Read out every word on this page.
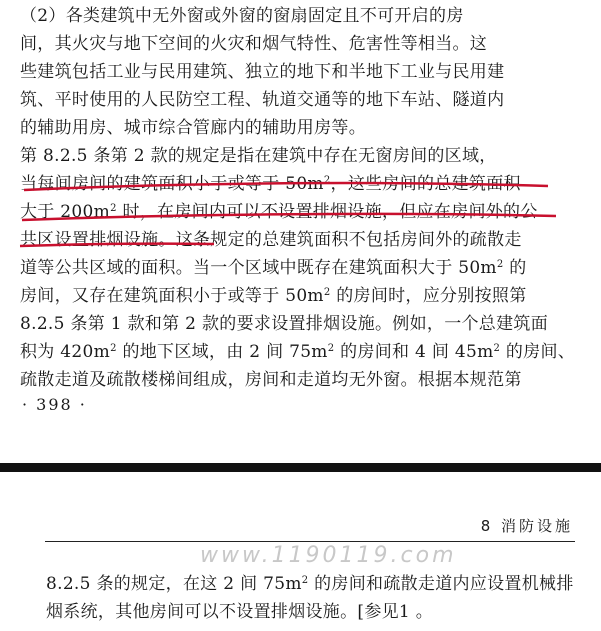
（2）各类建筑中无外窗或外窗的窗扇固定且不可开启的房
间，其火灾与地下空间的火灾和烟气特性、危害性等相当。这
些建筑包括工业与民用建筑、独立的地下和半地下工业与民用建
筑、平时使用的人民防空工程、轨道交通等的地下车站、隧道内
的辅助用房、城市综合管廊内的辅助用房等。
第 8.2.5 条第 2 款的规定是指在建筑中存在无窗房间的区域，
当每间房间的建筑面积小于或等于 $50m^2$，这些房间的总建筑面积
大于 $200m^2$ 时，在房间内可以不设置排烟设施，但应在房间外的公
共区设置排烟设施。这条规定的总建筑面积不包括房间外的疏散走
道等公共区域的面积。当一个区域中既存在建筑面积大于 $50m^2$ 的
房间，又存在建筑面积小于或等于 $50m^2$ 的房间时，应分别按照第
8.2.5 条第 1 款和第 2 款的要求设置排烟设施。例如，一个总建筑面
积为 $420m^2$ 的地下区域，由 2 间 $75m^2$ 的房间和 4 间 $45m^2$ 的房间、
疏散走道及疏散楼梯间组成，房间和走道均无外窗。根据本规范第
· 398 ·
8 消防设施
www.1190119.com
8.2.5 条的规定，在这 2 间 $75m^2$ 的房间和疏散走道内应设置机械排
烟系统，其他房间可以不设置排烟设施。[参见1 。
